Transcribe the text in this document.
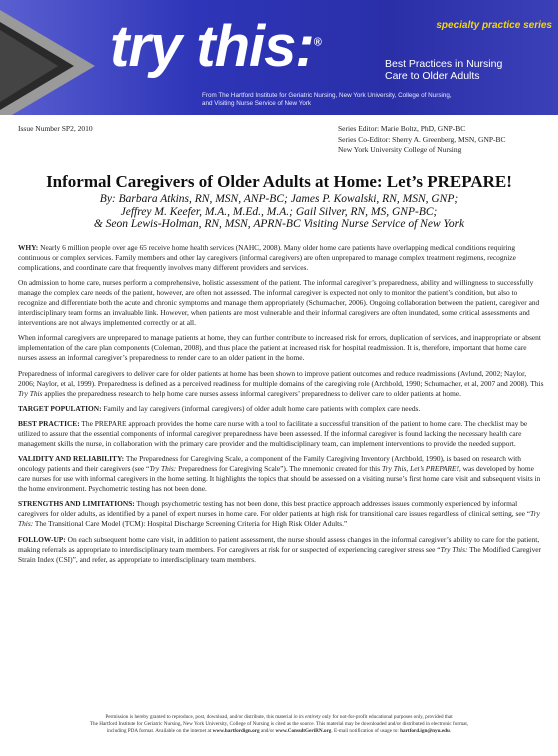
specialty practice series
try this:®
Best Practices in Nursing
Care to Older Adults
From The Hartford Institute for Geriatric Nursing, New York University, College of Nursing,
and Visiting Nurse Service of New York
Issue Number SP2, 2010	Series Editor: Marie Boltz, PhD, GNP-BC
Series Co-Editor: Sherry A. Greenberg, MSN, GNP-BC
New York University College of Nursing
Informal Caregivers of Older Adults at Home: Let’s PREPARE!
By: Barbara Atkins, RN, MSN, ANP-BC; James P. Kowalski, RN, MSN, GNP;
Jeffrey M. Keefer, M.A., M.Ed., M.A.; Gail Silver, RN, MS, GNP-BC;
& Seon Lewis-Holman, RN, MSN, APRN-BC Visiting Nurse Service of New York

WHY: Nearly 6 million people over age 65 receive home health services (NAHC, 2008). Many older home care patients have overlapping medical conditions requiring continuous or complex services. Family members and other lay caregivers (informal caregivers) are often unprepared to manage complex treatment regimens, recognize complications, and coordinate care that frequently involves many different providers and services.

On admission to home care, nurses perform a comprehensive, holistic assessment of the patient. The informal caregiver’s preparedness, ability and willingness to successfully manage the complex care needs of the patient, however, are often not assessed. The informal caregiver is expected not only to monitor the patient’s condition, but also to recognize and differentiate both the acute and chronic symptoms and manage them appropriately (Schumacher, 2006). Ongoing collaboration between the patient, caregiver and interdisciplinary team forms an invaluable link. However, when patients are most vulnerable and their informal caregivers are often inundated, some critical assessments and interventions are not always implemented correctly or at all.

When informal caregivers are unprepared to manage patients at home, they can further contribute to increased risk for errors, duplication of services, and inappropriate or absent implementation of the care plan components (Coleman, 2008), and thus place the patient at increased risk for hospital readmission. It is, therefore, important that home care nurses assess an informal caregiver’s preparedness to render care to an older patient in the home.

Preparedness of informal caregivers to deliver care for older patients at home has been shown to improve patient outcomes and reduce readmissions (Avlund, 2002; Naylor, 2006; Naylor, et al, 1999). Preparedness is defined as a perceived readiness for multiple domains of the caregiving role (Archbold, 1990; Schumacher, et al, 2007 and 2008). This Try This applies the preparedness research to help home care nurses assess informal caregivers’ preparedness to deliver care to older patients at home.

TARGET POPULATION: Family and lay caregivers (informal caregivers) of older adult home care patients with complex care needs.

BEST PRACTICE: The PREPARE approach provides the home care nurse with a tool to facilitate a successful transition of the patient to home care. The checklist may be utilized to assure that the essential components of informal caregiver preparedness have been assessed. If the informal caregiver is found lacking the necessary health care management skills the nurse, in collaboration with the primary care provider and the multidisciplinary team, can implement interventions to provide the needed support.

VALIDITY AND RELIABILITY: The Preparedness for Caregiving Scale, a component of the Family Caregiving Inventory (Archbold, 1990), is based on research with oncology patients and their caregivers (see “Try This: Preparedness for Caregiving Scale”). The mnemonic created for this Try This, Let’s PREPARE!, was developed by home care nurses for use with informal caregivers in the home setting. It highlights the topics that should be assessed on a visiting nurse’s first home care visit and subsequent visits in the home environment. Psychometric testing has not been done.

STRENGTHS AND LIMITATIONS: Though psychometric testing has not been done, this best practice approach addresses issues commonly experienced by informal caregivers for older adults, as identified by a panel of expert nurses in home care. For older patients at high risk for transitional care issues regardless of clinical setting, see “Try This: The Transitional Care Model (TCM): Hospital Discharge Screening Criteria for High Risk Older Adults.”

FOLLOW-UP: On each subsequent home care visit, in addition to patient assessment, the nurse should assess changes in the informal caregiver’s ability to care for the patient, making referrals as appropriate to interdisciplinary team members. For caregivers at risk for or suspected of experiencing caregiver stress see “Try This: The Modified Caregiver Strain Index (CSI)”, and refer, as appropriate to interdisciplinary team members.

Permission is hereby granted to reproduce, post, download, and/or distribute, this material in its entirety only for not-for-profit educational purposes only, provided that
The Hartford Institute for Geriatric Nursing, New York University, College of Nursing is cited as the source. This material may be downloaded and/or distributed in electronic format,
including PDA format. Available on the internet at www.hartfordign.org and/or www.ConsultGeriRN.org. E-mail notification of usage to: hartford.ign@nyu.edu.
